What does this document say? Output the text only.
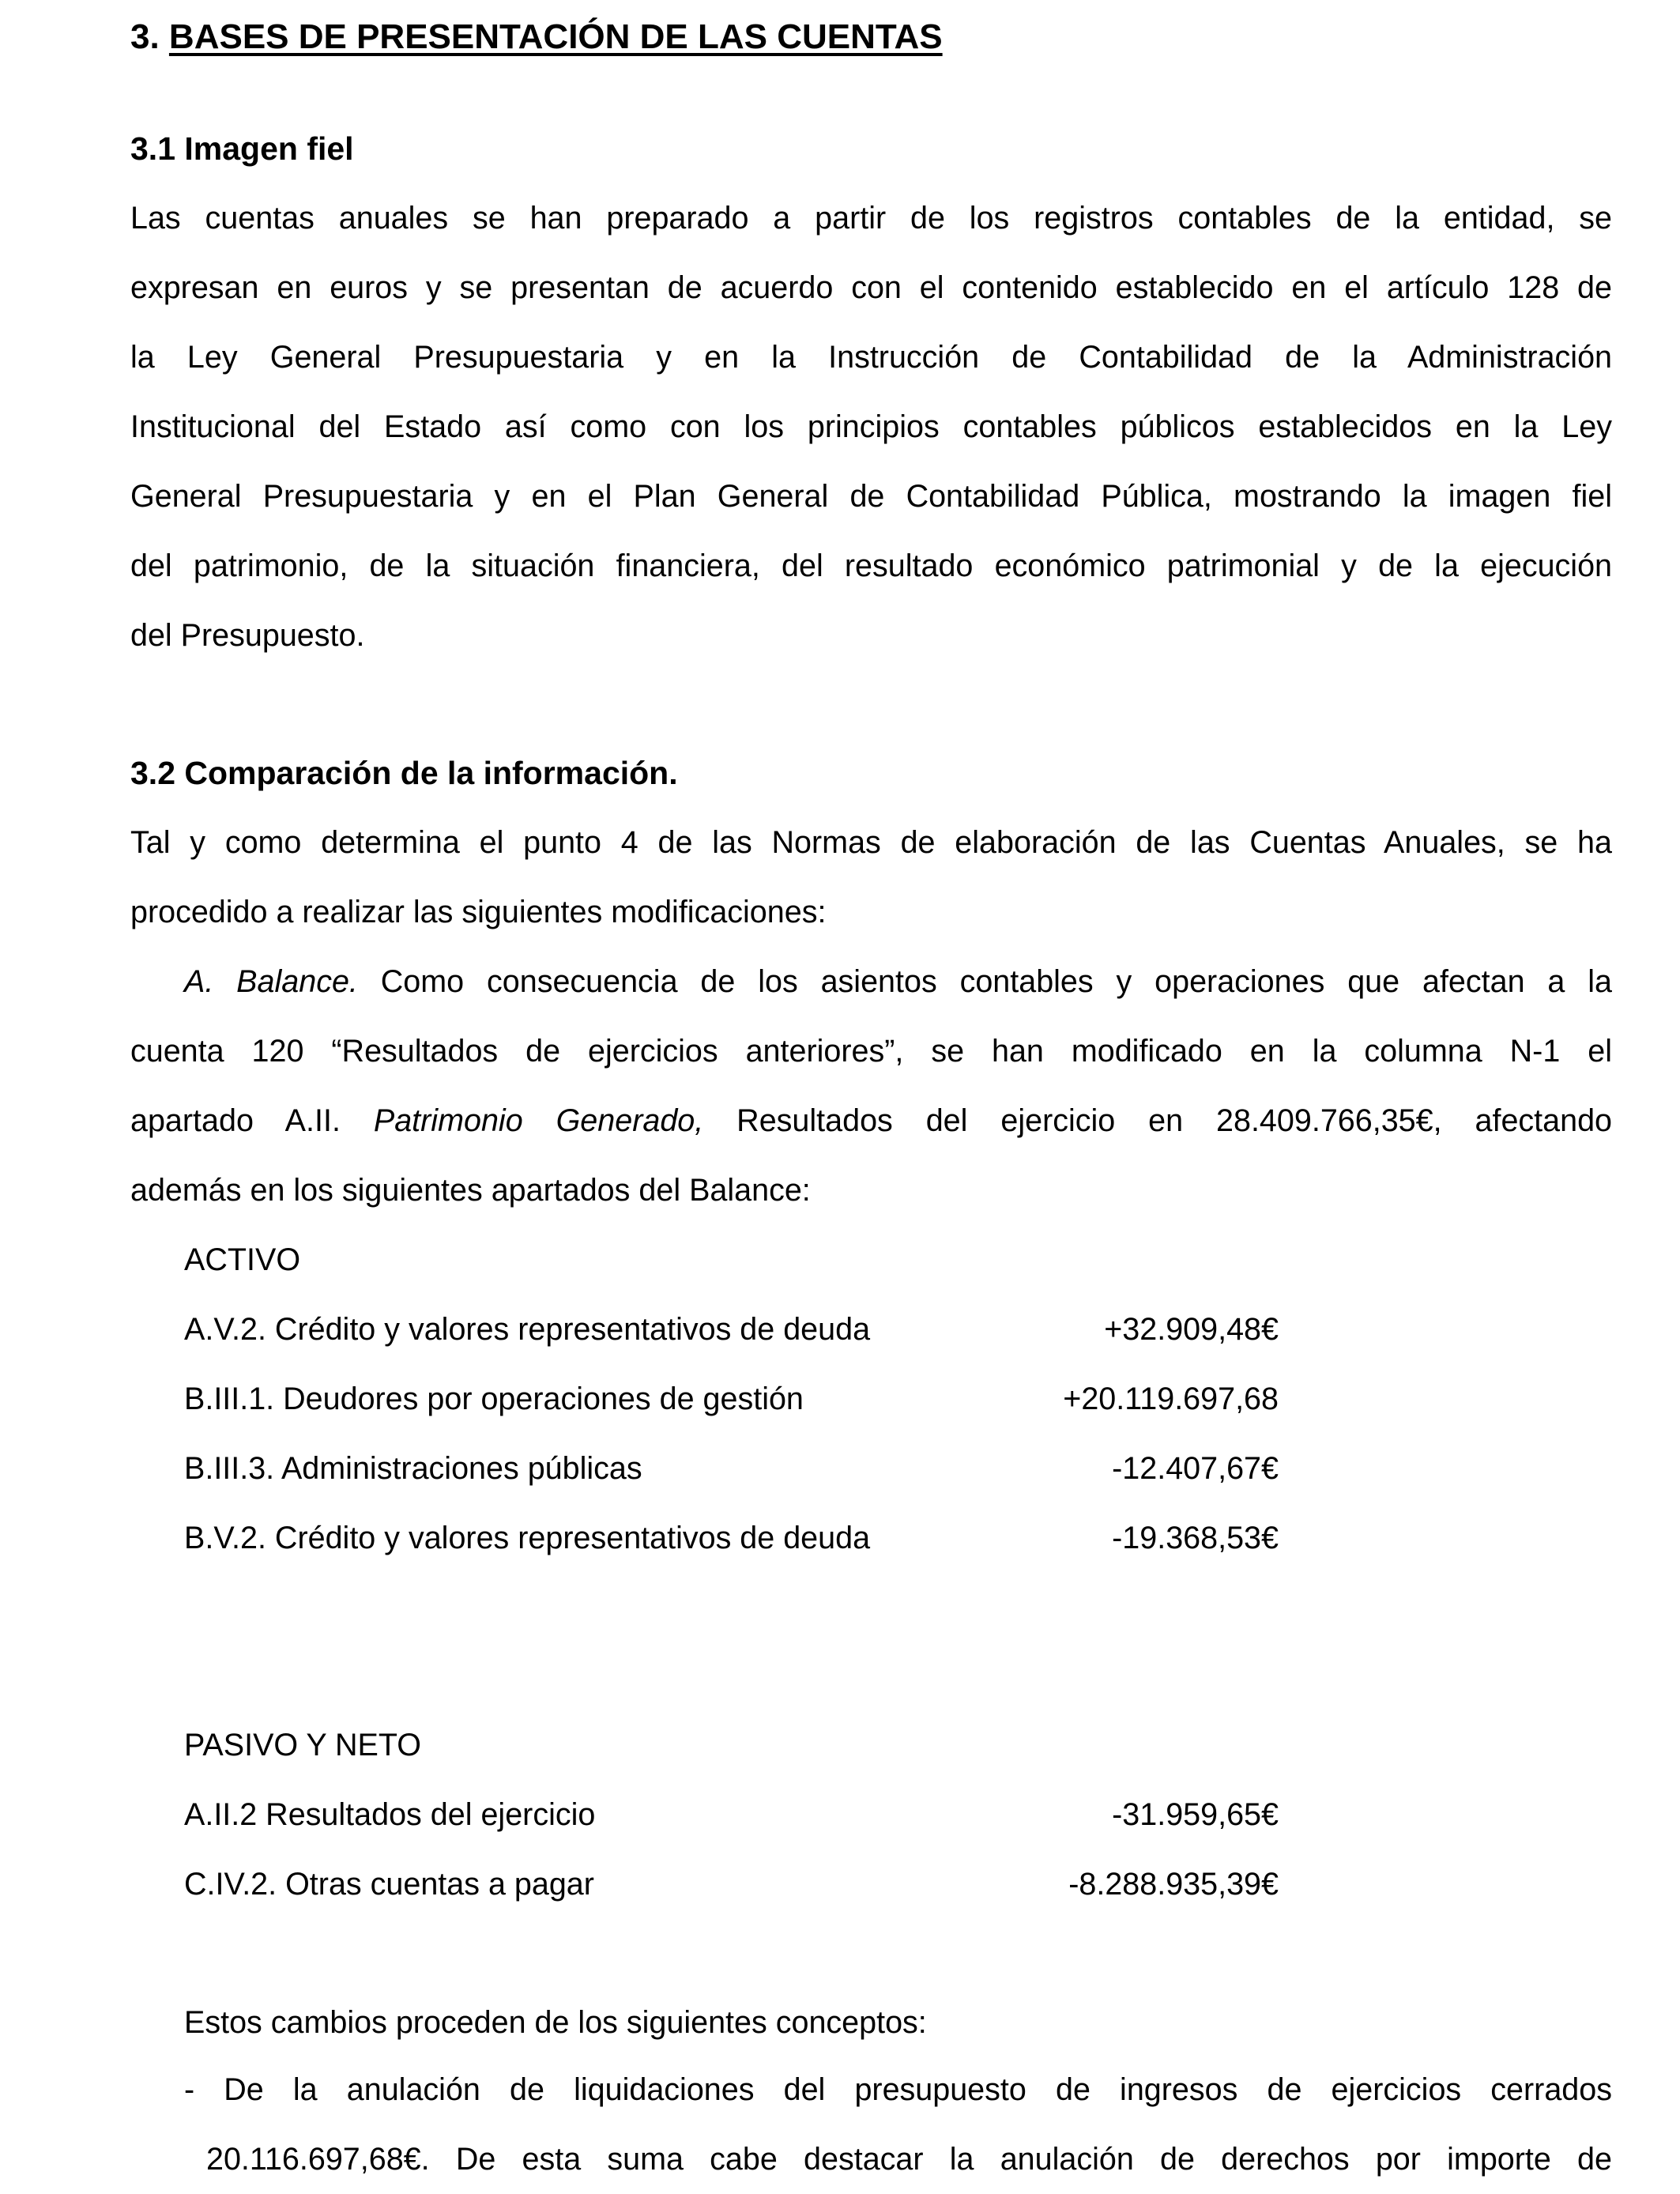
3. BASES DE PRESENTACIÓN DE LAS CUENTAS
3.1 Imagen fiel
Las cuentas anuales se han preparado a partir de los registros contables de la entidad, se
expresan en euros y se presentan de acuerdo con el contenido establecido en el artículo 128 de
la Ley General Presupuestaria y en la Instrucción de Contabilidad de la Administración
Institucional del Estado así como con los principios contables públicos establecidos en la Ley
General Presupuestaria y en el Plan General de Contabilidad Pública, mostrando la imagen fiel
del patrimonio, de la situación financiera, del resultado económico patrimonial y de la ejecución
del Presupuesto.
3.2 Comparación de la información.
Tal y como determina el punto 4 de las Normas de elaboración de las Cuentas Anuales, se ha
procedido a realizar las siguientes modificaciones:
A. Balance. Como consecuencia de los asientos contables y operaciones que afectan a la
cuenta 120 “Resultados de ejercicios anteriores”, se han modificado en la columna N-1 el
apartado A.II. Patrimonio Generado, Resultados del ejercicio en 28.409.766,35€, afectando
además en los siguientes apartados del Balance:
ACTIVO
A.V.2. Crédito y valores representativos de deuda	+32.909,48€
B.III.1. Deudores por operaciones de gestión	+20.119.697,68
B.III.3. Administraciones públicas	-12.407,67€
B.V.2. Crédito y valores representativos de deuda	-19.368,53€
PASIVO Y NETO
A.II.2 Resultados del ejercicio	-31.959,65€
C.IV.2. Otras cuentas a pagar	-8.288.935,39€
Estos cambios proceden de los siguientes conceptos:
- De la anulación de liquidaciones del presupuesto de ingresos de ejercicios cerrados
20.116.697,68€. De esta suma cabe destacar la anulación de derechos por importe de
